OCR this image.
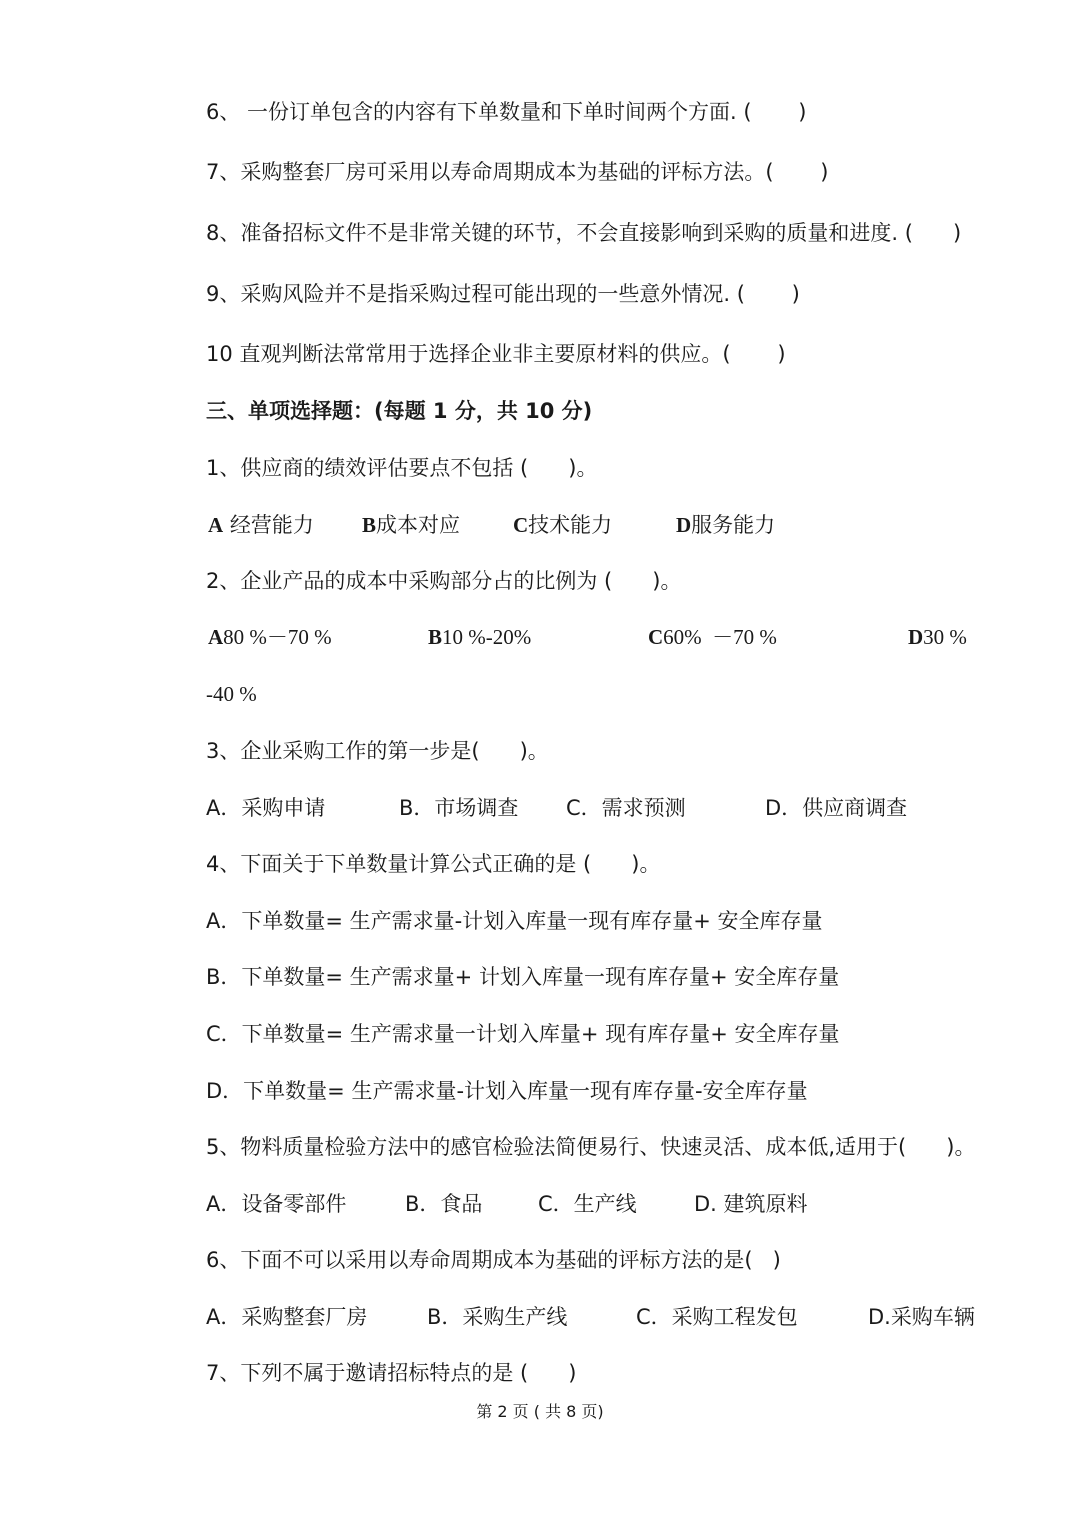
6、 一份订单包含的内容有下单数量和下单时间两个方面. (       )
7、采购整套厂房可采用以寿命周期成本为基础的评标方法。(       )
8、准备招标文件不是非常关键的环节，不会直接影响到采购的质量和进度. (      )
9、采购风险并不是指采购过程可能出现的一些意外情况. (       )
10 直观判断法常常用于选择企业非主要原材料的供应。(       )
三、单项选择题：(每题 1 分，共 10 分)
1、供应商的绩效评估要点不包括 (      )。
A 经营能力 B成本对应	C技术能力	D服务能力
2、企业产品的成本中采购部分占的比例为 (      )。
A80 %－70 %	B10 %-20%	C60%  －70 %	D30 %
-40 %
3、企业采购工作的第一步是(      )。
A．采购申请	B．市场调查 C．需求预测	D．供应商调查
4、下面关于下单数量计算公式正确的是 (      )。
A．下单数量= 生产需求量-计划入库量一现有库存量+ 安全库存量
B．下单数量= 生产需求量+ 计划入库量一现有库存量+ 安全库存量
C．下单数量= 生产需求量一计划入库量+ 现有库存量+ 安全库存量
D．下单数量= 生产需求量-计划入库量一现有库存量-安全库存量
5、物料质量检验方法中的感官检验法简便易行、快速灵活、成本低,适用于(      )。
A．设备零部件	B．食品	C．生产线	D. 建筑原料
6、下面不可以采用以寿命周期成本为基础的评标方法的是(   )
A．采购整套厂房	B．采购生产线	C．采购工程发包	D.采购车辆
7、下列不属于邀请招标特点的是 (      )
第 2 页 ( 共 8 页)
